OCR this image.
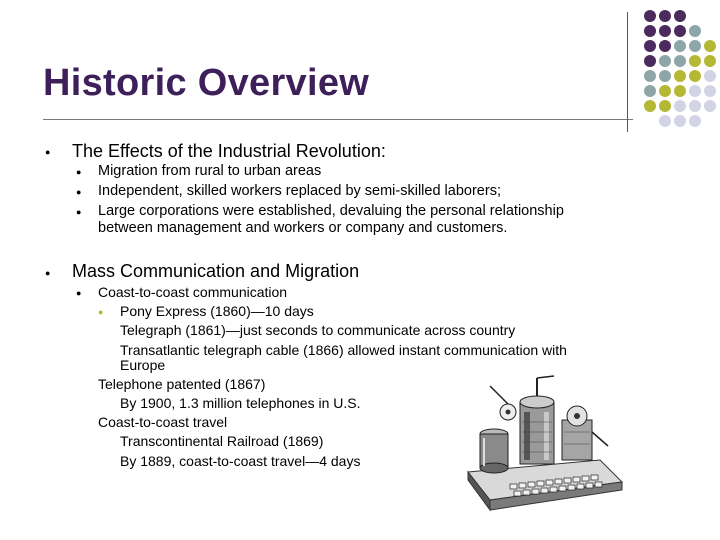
Historic Overview
● The Effects of the Industrial Revolution:
● Migration from rural to urban areas
● Independent, skilled workers replaced by semi-skilled laborers;
● Large corporations were established, devaluing the personal relationship
between management and workers or company and customers.
● Mass Communication and Migration
● Coast-to-coast communication
● Pony Express (1860)—10 days
Telegraph (1861)—just seconds to communicate across country
Transatlantic telegraph cable (1866) allowed instant communication with
Europe
Telephone patented (1867)
By 1900, 1.3 million telephones in U.S.
Coast-to-coast travel
Transcontinental Railroad (1869)
By 1889, coast-to-coast travel—4 days
